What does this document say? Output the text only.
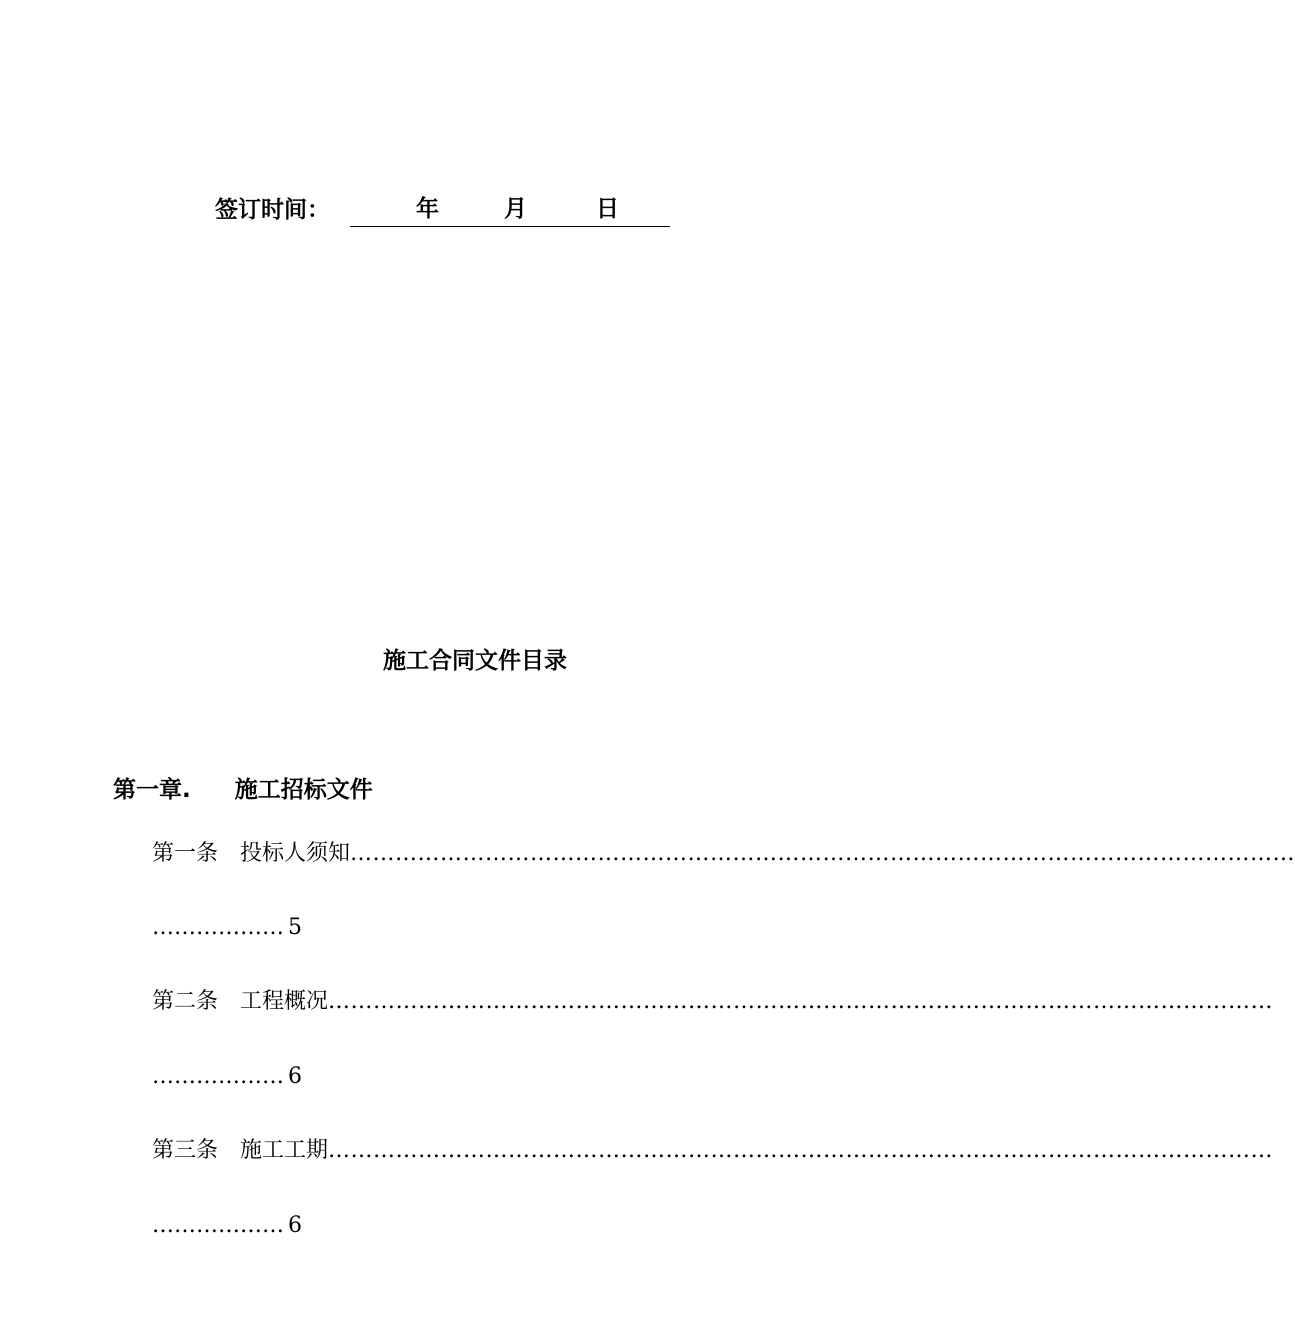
签订时间：	年	月	日
施工合同文件目录
第一章. 施工招标文件
第一条 投标人须知 ………………………………………………………………………………………………………………
……………… 5
第二条 工程概况 ………………………………………………………………………………………………………………
……………… 6
第三条 施工工期 ………………………………………………………………………………………………………………
……………… 6
